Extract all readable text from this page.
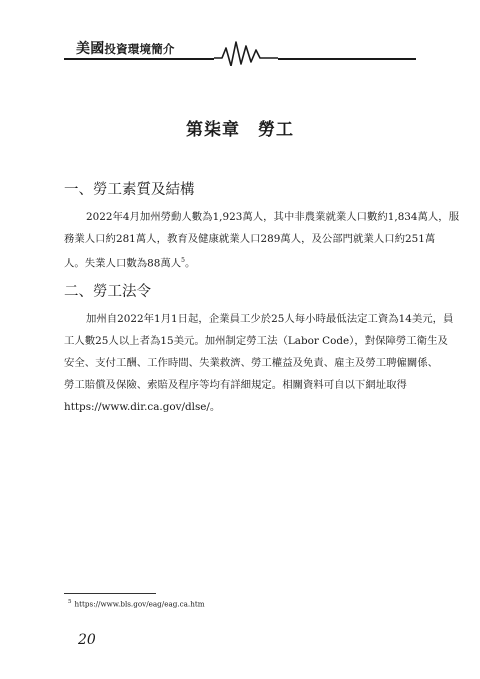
美國投資環境簡介
第柒章　勞工
一、勞工素質及結構
2022年4月加州勞動人數為1,923萬人，其中非農業就業人口數約1,834萬人，服
務業人口約281萬人，教育及健康就業人口289萬人，及公部門就業人口約251萬
人。失業人口數為88萬人$^5$。
二、勞工法令
加州自2022年1月1日起，企業員工少於25人每小時最低法定工資為14美元，員
工人數25人以上者為15美元。加州制定勞工法（Labor Code），對保障勞工衛生及
安全、支付工酬、工作時間、失業救濟、勞工權益及免責、雇主及勞工聘僱關係、
勞工賠償及保險、索賠及程序等均有詳細規定。相關資料可自以下網址取得
https://www.dir.ca.gov/dlse/。
$^5$ https://www.bls.gov/eag/eag.ca.htm
20
